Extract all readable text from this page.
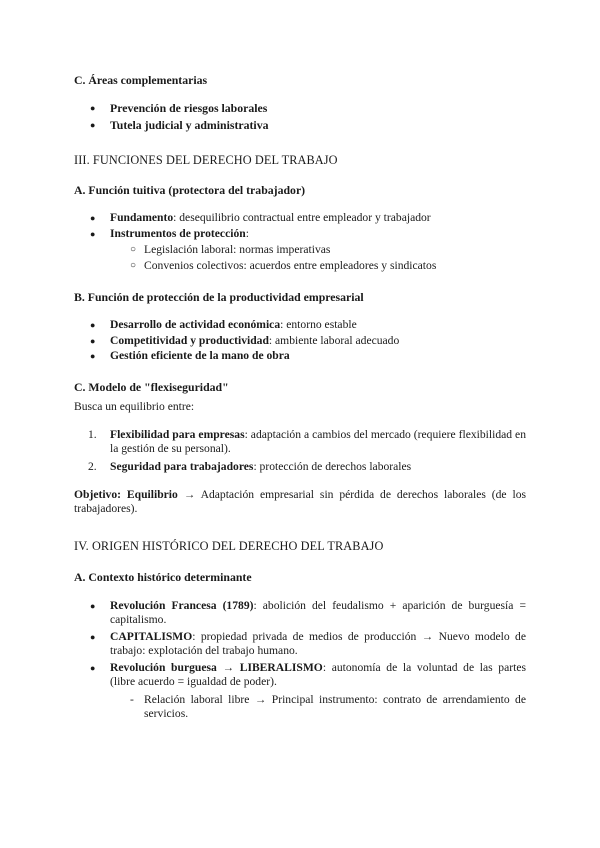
C. Áreas complementarias
● Prevención de riesgos laborales
● Tutela judicial y administrativa
III. FUNCIONES DEL DERECHO DEL TRABAJO
A. Función tuitiva (protectora del trabajador)
● Fundamento: desequilibrio contractual entre empleador y trabajador
● Instrumentos de protección:
○ Legislación laboral: normas imperativas
○ Convenios colectivos: acuerdos entre empleadores y sindicatos
B. Función de protección de la productividad empresarial
● Desarrollo de actividad económica: entorno estable
● Competitividad y productividad: ambiente laboral adecuado
● Gestión eficiente de la mano de obra
C. Modelo de "flexiseguridad"
Busca un equilibrio entre:
1. Flexibilidad para empresas: adaptación a cambios del mercado (requiere flexibilidad en la gestión de su personal).
2. Seguridad para trabajadores: protección de derechos laborales
Objetivo: Equilibrio → Adaptación empresarial sin pérdida de derechos laborales (de los trabajadores).
IV. ORIGEN HISTÓRICO DEL DERECHO DEL TRABAJO
A. Contexto histórico determinante
● Revolución Francesa (1789): abolición del feudalismo + aparición de burguesía = capitalismo.
● CAPITALISMO: propiedad privada de medios de producción → Nuevo modelo de trabajo: explotación del trabajo humano.
● Revolución burguesa → LIBERALISMO: autonomía de la voluntad de las partes (libre acuerdo = igualdad de poder).
- Relación laboral libre → Principal instrumento: contrato de arrendamiento de servicios.
